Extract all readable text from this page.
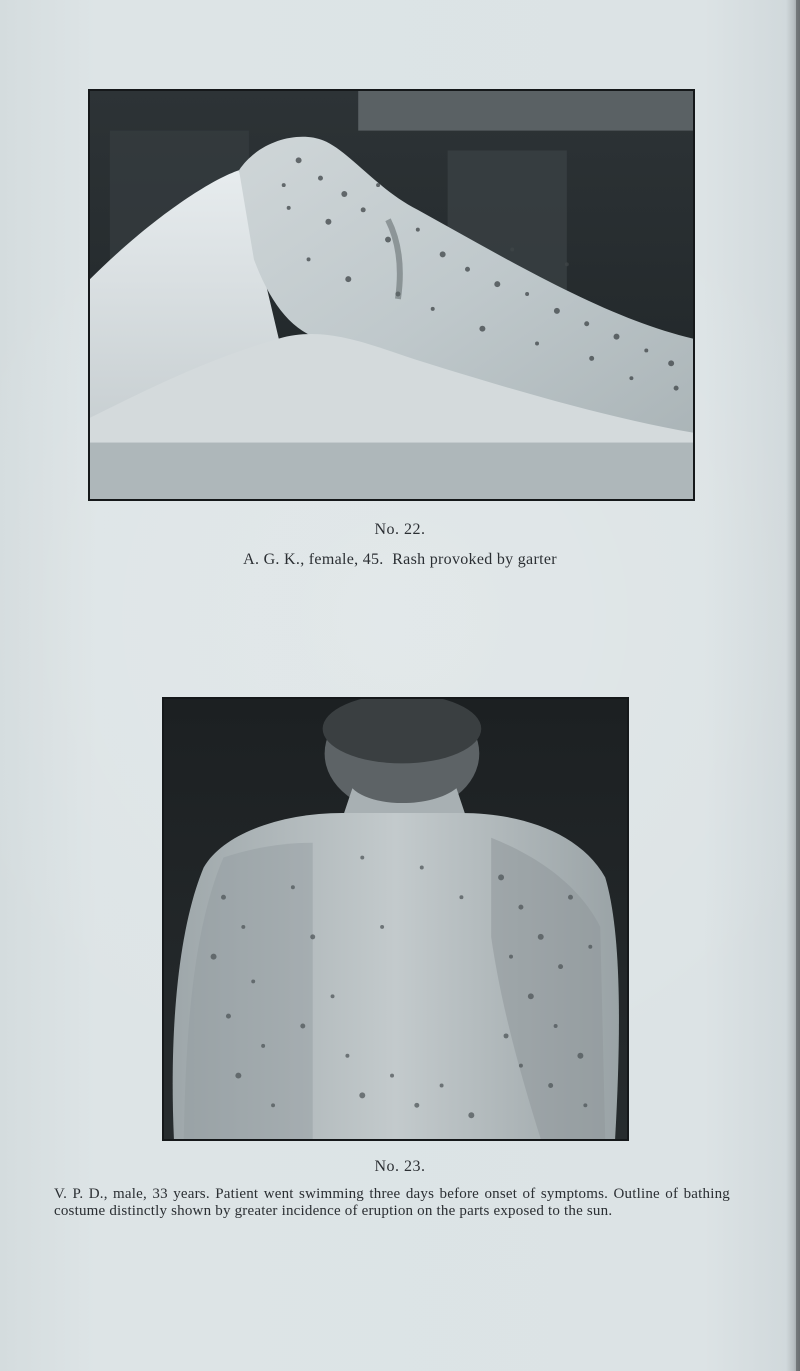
No. 22.
A. G. K., female, 45.  Rash provoked by garter
No. 23.
V. P. D., male, 33 years. Patient went swimming three days before onset of symptoms. Outline of bathing costume distinctly shown by greater incidence of eruption on the parts exposed to the sun.
